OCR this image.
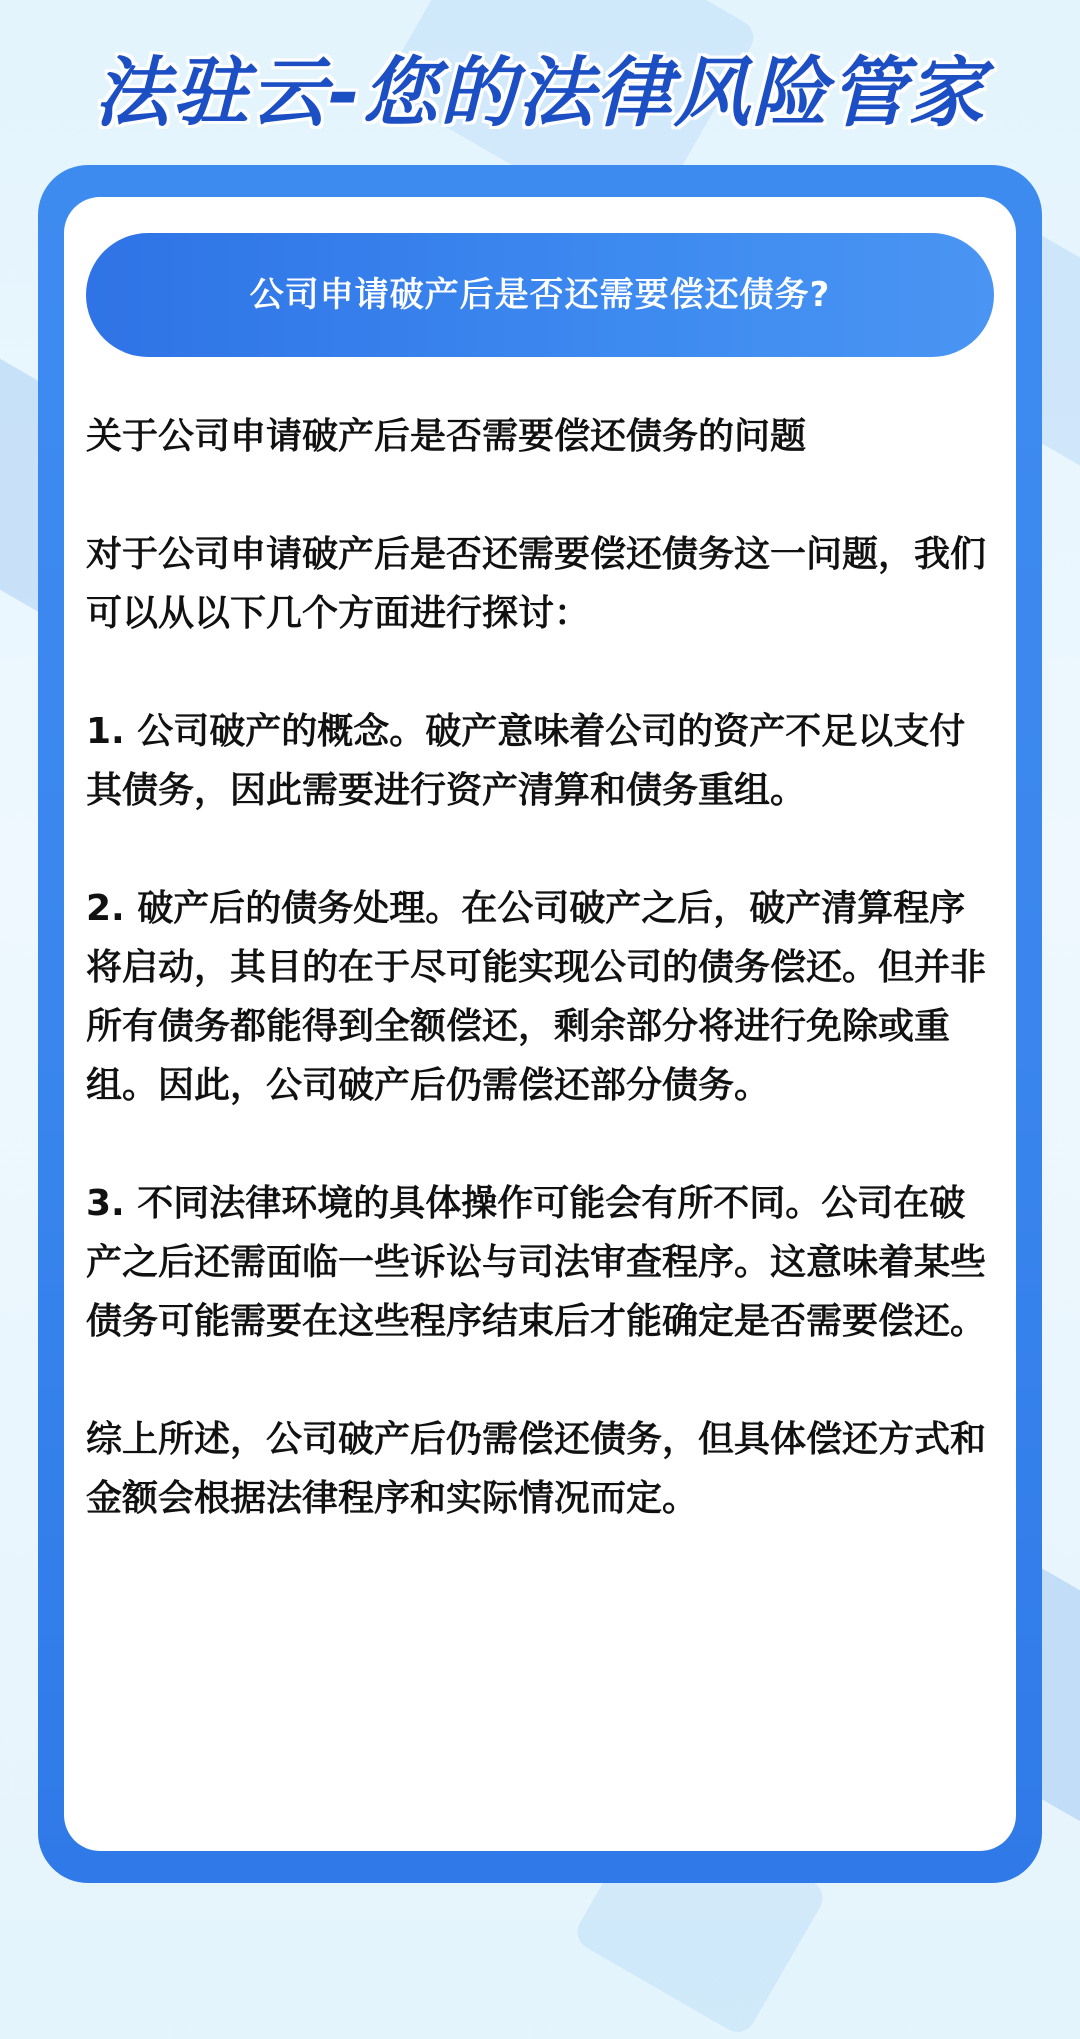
法驻云-您的法律风险管家
公司申请破产后是否还需要偿还债务?

关于公司申请破产后是否需要偿还债务的问题

对于公司申请破产后是否还需要偿还债务这一问题，我们可以从以下几个方面进行探讨：

1. 公司破产的概念。破产意味着公司的资产不足以支付其债务，因此需要进行资产清算和债务重组。

2. 破产后的债务处理。在公司破产之后，破产清算程序将启动，其目的在于尽可能实现公司的债务偿还。但并非所有债务都能得到全额偿还，剩余部分将进行免除或重组。因此，公司破产后仍需偿还部分债务。

3. 不同法律环境的具体操作可能会有所不同。公司在破产之后还需面临一些诉讼与司法审查程序。这意味着某些债务可能需要在这些程序结束后才能确定是否需要偿还。

综上所述，公司破产后仍需偿还债务，但具体偿还方式和金额会根据法律程序和实际情况而定。
